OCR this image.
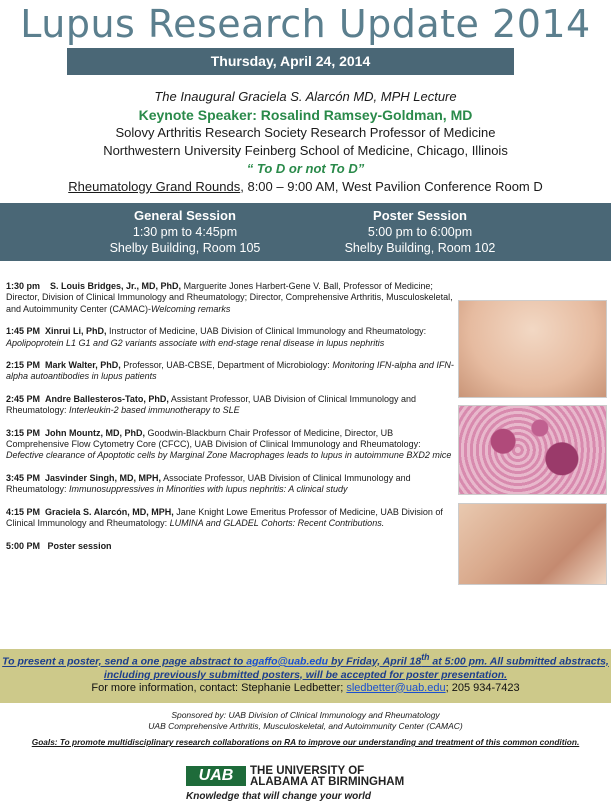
Lupus Research Update 2014
Thursday, April 24, 2014
The Inaugural Graciela S. Alarcón MD, MPH Lecture
Keynote Speaker: Rosalind Ramsey-Goldman, MD
Solovy Arthritis Research Society Research Professor of Medicine
Northwestern University Feinberg School of Medicine, Chicago, Illinois
“ To D or not To D”
Rheumatology Grand Rounds, 8:00 – 9:00 AM, West Pavilion Conference Room D
General Session
1:30 pm to 4:45pm
Shelby Building, Room 105
Poster Session
5:00 pm to 6:00pm
Shelby Building, Room 102
1:30 pm S. Louis Bridges, Jr., MD, PhD, Marguerite Jones Harbert-Gene V. Ball, Professor of Medicine; Director, Division of Clinical Immunology and Rheumatology; Director, Comprehensive Arthritis, Musculoskeletal, and Autoimmunity Center (CAMAC)-Welcoming remarks
1:45 PM Xinrui Li, PhD, Instructor of Medicine, UAB Division of Clinical Immunology and Rheumatology: Apolipoprotein L1 G1 and G2 variants associate with end-stage renal disease in lupus nephritis
2:15 PM Mark Walter, PhD, Professor, UAB-CBSE, Department of Microbiology: Monitoring IFN-alpha and IFN-alpha autoantibodies in lupus patients
2:45 PM Andre Ballesteros-Tato, PhD, Assistant Professor, UAB Division of Clinical Immunology and Rheumatology: Interleukin-2 based immunotherapy to SLE
3:15 PM John Mountz, MD, PhD, Goodwin-Blackburn Chair Professor of Medicine, Director, UB Comprehensive Flow Cytometry Core (CFCC), UAB Division of Clinical Immunology and Rheumatology: Defective clearance of Apoptotic cells by Marginal Zone Macrophages leads to lupus in autoimmune BXD2 mice
3:45 PM Jasvinder Singh, MD, MPH, Associate Professor, UAB Division of Clinical Immunology and Rheumatology: Immunosuppressives in Minorities with lupus nephritis: A clinical study
4:15 PM Graciela S. Alarcón, MD, MPH, Jane Knight Lowe Emeritus Professor of Medicine, UAB Division of Clinical Immunology and Rheumatology: LUMINA and GLADEL Cohorts: Recent Contributions.
5:00 PM Poster session
To present a poster, send a one page abstract to agaffo@uab.edu by Friday, April 18th at 5:00 pm. All submitted abstracts, including previously submitted posters, will be accepted for poster presentation.
For more information, contact: Stephanie Ledbetter; sledbetter@uab.edu; 205 934-7423
Sponsored by: UAB Division of Clinical Immunology and Rheumatology
UAB Comprehensive Arthritis, Musculoskeletal, and Autoimmunity Center (CAMAC)
Goals: To promote multidisciplinary research collaborations on RA to improve our understanding and treatment of this common condition.
UAB	THE UNIVERSITY OF
ALABAMA AT BIRMINGHAM
Knowledge that will change your world
